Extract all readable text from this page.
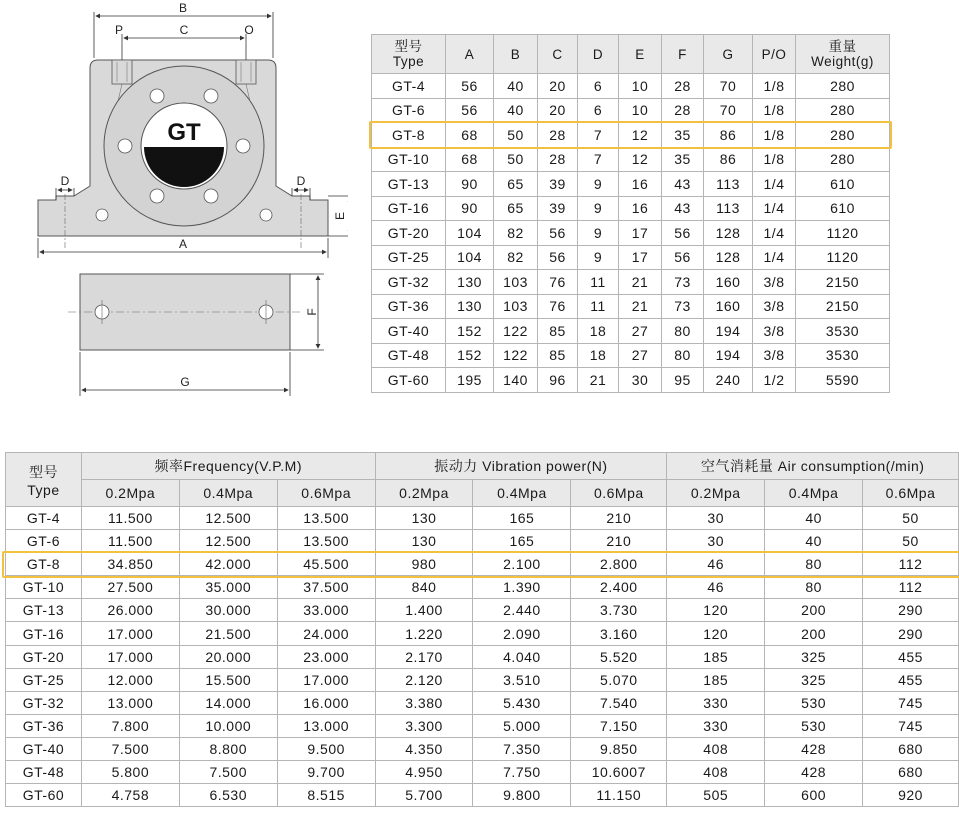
B
P	C	O
GT
D	D
E
A
F
G
型号
Type	A	B	C	D	E	F	G	P/O	重量
Weight(g)
GT-4	56	40	20	6	10	28	70	1/8	280
GT-6	56	40	20	6	10	28	70	1/8	280
GT-8	68	50	28	7	12	35	86	1/8	280
GT-10	68	50	28	7	12	35	86	1/8	280
GT-13	90	65	39	9	16	43	113	1/4	610
GT-16	90	65	39	9	16	43	113	1/4	610
GT-20	104	82	56	9	17	56	128	1/4	1120
GT-25	104	82	56	9	17	56	128	1/4	1120
GT-32	130	103	76	11	21	73	160	3/8	2150
GT-36	130	103	76	11	21	73	160	3/8	2150
GT-40	152	122	85	18	27	80	194	3/8	3530
GT-48	152	122	85	18	27	80	194	3/8	3530
GT-60	195	140	96	21	30	95	240	1/2	5590
型号
Type	频率Frequency(V.P.M)			振动力 Vibration power(N)			空气消耗量 Air consumption(/min)		
	0.2Mpa	0.4Mpa	0.6Mpa	0.2Mpa	0.4Mpa	0.6Mpa	0.2Mpa	0.4Mpa	0.6Mpa
GT-4	11.500	12.500	13.500	130	165	210	30	40	50
GT-6	11.500	12.500	13.500	130	165	210	30	40	50
GT-8	34.850	42.000	45.500	980	2.100	2.800	46	80	112
GT-10	27.500	35.000	37.500	840	1.390	2.400	46	80	112
GT-13	26.000	30.000	33.000	1.400	2.440	3.730	120	200	290
GT-16	17.000	21.500	24.000	1.220	2.090	3.160	120	200	290
GT-20	17.000	20.000	23.000	2.170	4.040	5.520	185	325	455
GT-25	12.000	15.500	17.000	2.120	3.510	5.070	185	325	455
GT-32	13.000	14.000	16.000	3.380	5.430	7.540	330	530	745
GT-36	7.800	10.000	13.000	3.300	5.000	7.150	330	530	745
GT-40	7.500	8.800	9.500	4.350	7.350	9.850	408	428	680
GT-48	5.800	7.500	9.700	4.950	7.750	10.6007	408	428	680
GT-60	4.758	6.530	8.515	5.700	9.800	11.150	505	600	920
